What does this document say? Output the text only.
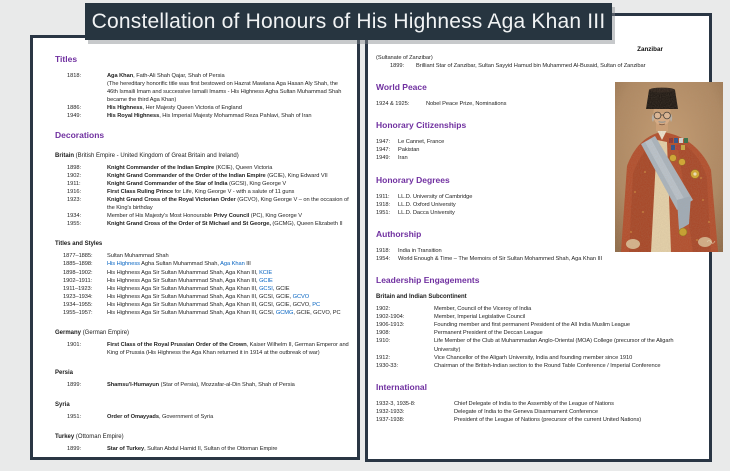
Titles
1818:	Aga Khan, Fath-Ali Shah Qajar, Shah of Persia
(The hereditary honorific title was first bestowed on Hazrat Mawlana Aga Hasan Aly Shah, the 46th Ismaili Imam and successive Ismaili Imams - His Highness Agha Sultan Muhammad Shah became the third Aga Khan)
1886:	His Highness, Her Majesty Queen Victoria of England
1949:	His Royal Highness, His Imperial Majesty Mohammad Reza Pahlavi, Shah of Iran
Decorations
Britain (British Empire - United Kingdom of Great Britain and Ireland)
1898:	Knight Commander of the Indian Empire (KCIE), Queen Victoria
1902:	Knight Grand Commander of the Order of the Indian Empire (GCIE), King Edward VII
1911:	Knight Grand Commander of the Star of India (GCSI), King George V
1916:	First Class Ruling Prince for Life, King George V - with a salute of 11 guns
1923:	Knight Grand Cross of the Royal Victorian Order (GCVO), King George V – on the occasion of the King's birthday
1934:	Member of His Majesty's Most Honourable Privy Council (PC), King George V
1955:	Knight Grand Cross of the Order of St Michael and St George, (GCMG), Queen Elizabeth II
Titles and Styles
1877–1885:	Sultan Muhammad Shah
1885–1898:	His Highness Agha Sultan Muhammad Shah, Aga Khan III
1898–1902:	His Highness Aga Sir Sultan Muhammad Shah, Aga Khan III, KCIE
1902–1911:	His Highness Aga Sir Sultan Muhammad Shah, Aga Khan III, GCIE
1911–1923:	His Highness Aga Sir Sultan Muhammad Shah, Aga Khan III, GCSI, GCIE
1923–1934:	His Highness Aga Sir Sultan Muhammad Shah, Aga Khan III, GCSI, GCIE, GCVO
1934–1955:	His Highness Aga Sir Sultan Muhammad Shah, Aga Khan III, GCSI, GCIE, GCVO, PC
1955–1957:	His Highness Aga Sir Sultan Muhammad Shah, Aga Khan III, GCSI, GCMG, GCIE, GCVO, PC
Germany (German Empire)
1901:	First Class of the Royal Prussian Order of the Crown, Kaiser Wilhelm II, German Emperor and King of Prussia (His Highness the Aga Khan returned it in 1914 at the outbreak of war)
Persia
1899:	Shamsu'l-Humayun (Star of Persia), Mozzafar-al-Din Shah, Shah of Persia
Syria
1951:	Order of Omayyads, Government of Syria
Turkey (Ottoman Empire)
1899:	Star of Turkey, Sultan Abdul Hamid II, Sultan of the Ottoman Empire
Zanzibar
(Sultanate of Zanzibar)
1899:	Brilliant Star of Zanzibar, Sultan Sayyid Hamud bin Muhammed Al-Busaid, Sultan of Zanzibar
World Peace
1924 & 1925:	Nobel Peace Prize, Nominations
Honorary Citizenships
1947:	Le Cannet, France
1947:	Pakistan
1949:	Iran
Honorary Degrees
1911:	LL.D. University of Cambridge
1918:	LL.D. Oxford University
1951:	LL.D. Dacca University
Authorship
1918:	India in Transition
1954:	World Enough & Time – The Memoirs of Sir Sultan Mohammed Shah, Aga Khan III
Leadership Engagements
Britain and Indian Subcontinent
1902:	Member, Council of the Viceroy of India
1902-1904:	Member, Imperial Legislative Council
1906-1913:	Founding member and first permanent President of the All India Muslim League
1908:	Permanent President of the Deccan League
1910:	Life Member of the Club at Muhammadan Anglo-Oriental (MOA) College (precursor of the Aligarh University)
1912:	Vice Chancellor of the Aligarh University, India and founding member since 1910
1930-33:	Chairman of the British-Indian section to the Round Table Conference / Imperial Conference
International
1932-3, 1935-8:	Chief Delegate of India to the Assembly of the League of Nations
1932-1933:	Delegate of India to the Geneva Disarmament Conference
1937-1938:	President of the League of Nations (precursor of the current United Nations)
Constellation of Honours of His Highness Aga Khan III
